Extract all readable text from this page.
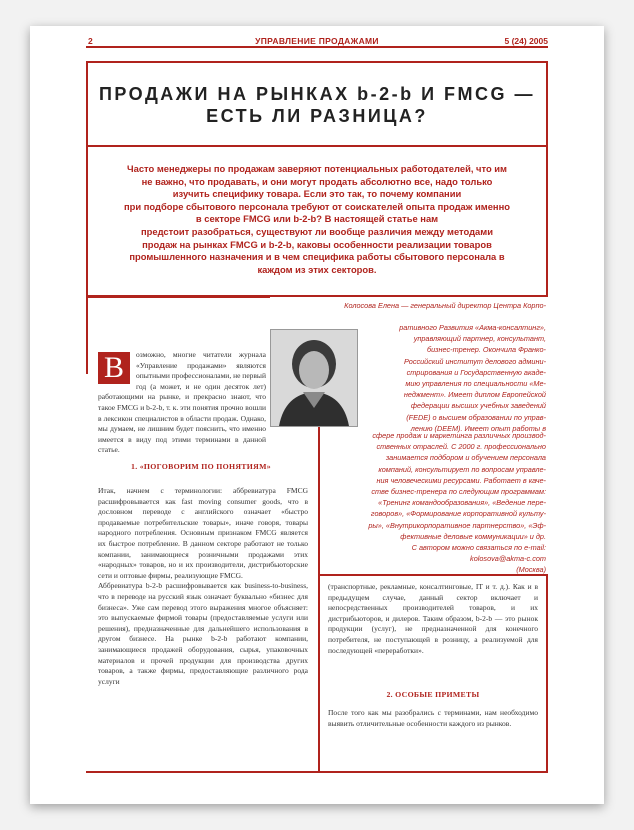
2	УПРАВЛЕНИЕ ПРОДАЖАМИ	5 (24) 2005
ПРОДАЖИ НА РЫНКАХ b-2-b И FMCG —
ЕСТЬ ЛИ РАЗНИЦА?
Часто менеджеры по продажам заверяют потенциальных работодателей, что им
не важно, что продавать, и они могут продать абсолютно все, надо только
изучить специфику товара. Если это так, то почему компании
при подборе сбытового персонала требуют от соискателей опыта продаж именно
в секторе FMCG или b-2-b? В настоящей статье нам
предстоит разобраться, существуют ли вообще различия между методами
продаж на рынках FMCG и b-2-b, каковы особенности реализации товаров
промышленного назначения и в чем специфика работы сбытового персонала в
каждом из этих секторов.
Колосова Елена — генеральный директор Центра Корпо-
ративного Развития «Акма-консалтинг»,
управляющий партнер, консультант,
бизнес-тренер. Окончила Франко-
Российский институт делового админи-
стрирования и Государственную акаде-
мию управления по специальности «Ме-
неджмент». Имеет диплом Европейской
федерации высших учебных заведений
(FEDE) о высшем образовании по управ-
лению (DEEM). Имеет опыт работы в
сфере продаж и маркетинга различных производ-
ственных отраслей. С 2000 г. профессионально
занимается подбором и обучением персонала
компаний, консультирует по вопросам управле-
ния человеческими ресурсами. Работает в каче-
стве бизнес-тренера по следующим программам:
«Тренинг командообразования», «Ведение пере-
говоров», «Формирование корпоративной культу-
ры», «Внутрикорпоративное партнерство», «Эф-
фективные деловые коммуникации» и др.
С автором можно связаться по e-mail:
kolosova@akma-c.com
(Москва)
В	озможно, многие читатели журнала «Управление продажами» являются опытными профессионалами, не первый год (а может, и не один десяток лет) работающими на рынке, и прекрасно знают, что такое FMCG и b-2-b, т. к. эти понятия прочно вошли в лексикон специалистов в области продаж. Однако, мы думаем, не лишним будет пояснить, что именно имеется в виду под этими терминами в данной статье.
1. «ПОГОВОРИМ ПО ПОНЯТИЯМ»

Итак, начнем с терминологии: аббревиатура FMCG расшифровывается как fast moving consumer goods, что в дословном переводе с английского означает «быстро продаваемые потребительские товары», иначе говоря, товары народного потребления. Основным признаком FMCG является их быстрое потребление. В данном секторе работают не только компании, занимающиеся розничными продажами этих «народных» товаров, но и их производители, дистрибьюторские сети и оптовые фирмы, реализующие FMCG.

Аббревиатура b-2-b расшифровывается как business-to-business, что в переводе на русский язык означает буквально «бизнес для бизнеса». Уже сам перевод этого выражения многое объясняет: это выпускаемые фирмой товары (предоставляемые услуги или решения), предназначенные для дальнейшего использования в другом бизнесе. На рынке b-2-b работают компании, занимающиеся продажей оборудования, сырья, упаковочных материалов и прочей продукции для производства других товаров, а также фирмы, предоставляющие различного рода услуги

(транспортные, рекламные, консалтинговые, IT и т. д.). Как и в предыдущем случае, данный сектор включает и непосредственных производителей товаров, и их дистрибьюторов, и дилеров. Таким образом, b-2-b — это рынок продукции (услуг), не предназначенной для конечного потребителя, не поступающей в розницу, а реализуемой для последующей «переработки».
2. ОСОБЫЕ ПРИМЕТЫ
После того как мы разобрались с терминами, нам необходимо выявить отличительные особенности каждого из рынков.
